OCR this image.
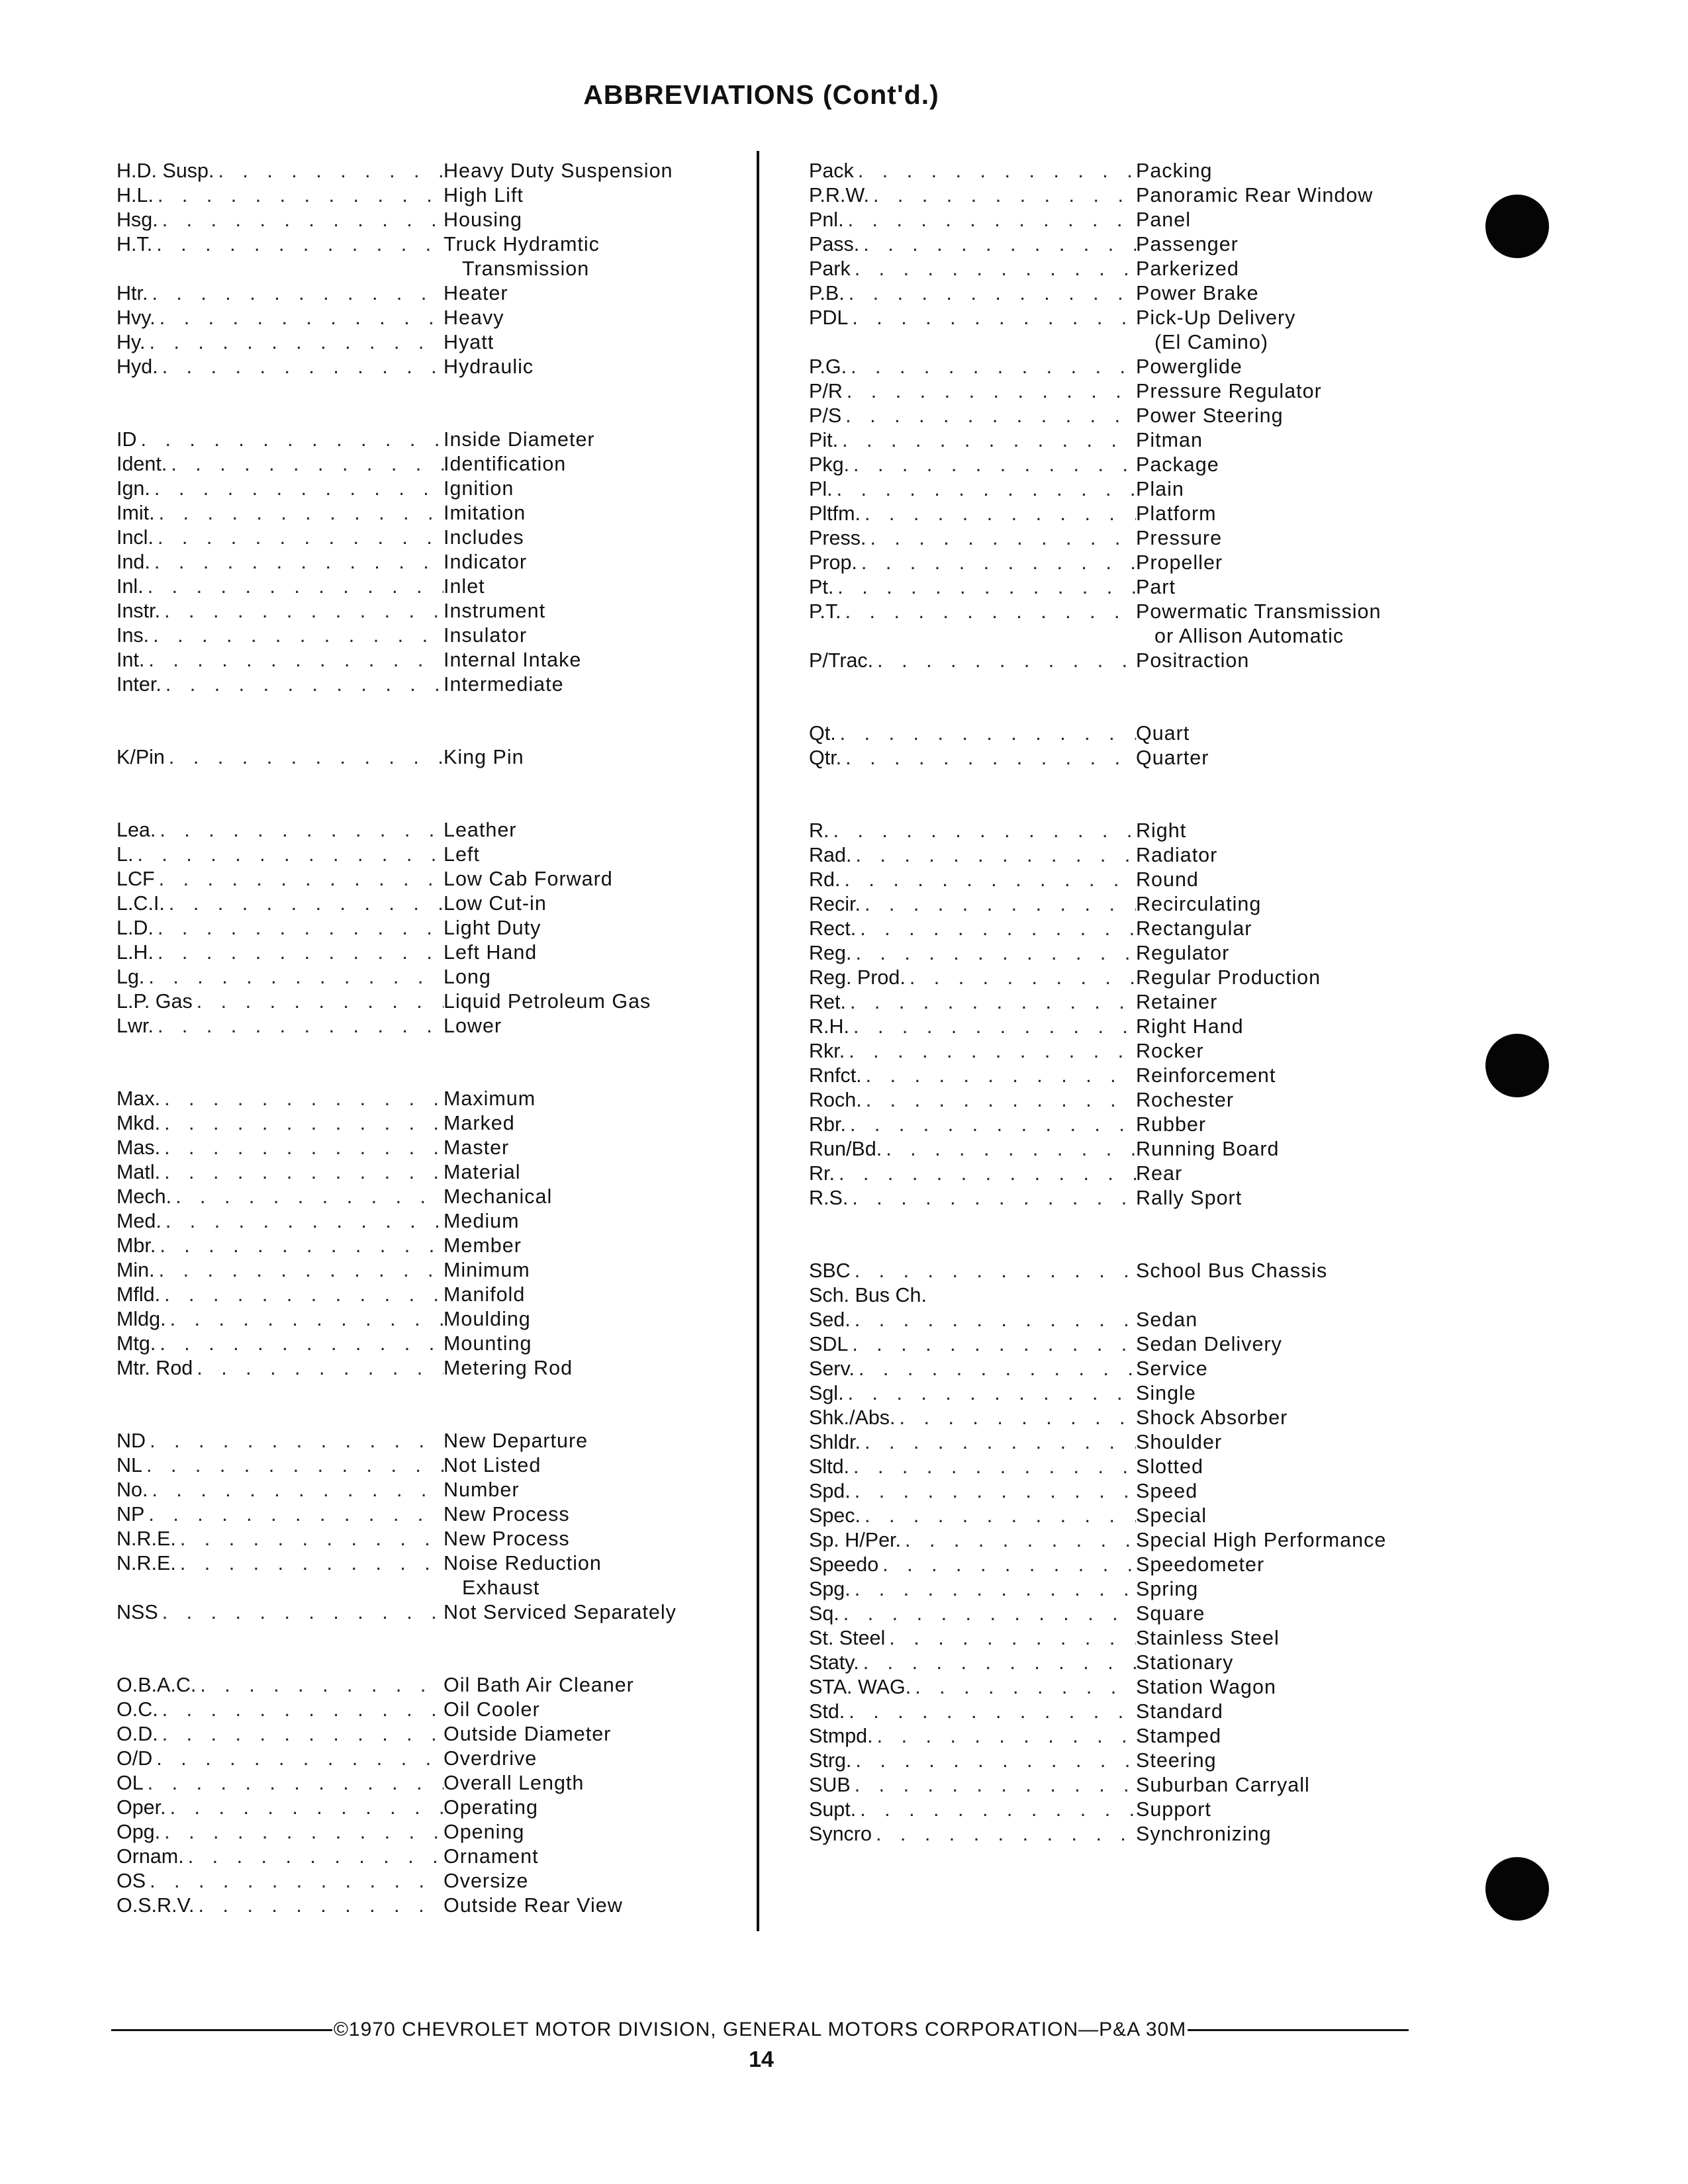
ABBREVIATIONS (Cont'd.)
H.D. Susp. . . .	Heavy Duty Suspension
H.L. . . .	High Lift
Hsg. . . .	Housing
H.T. . . .	Truck Hydramtic
Transmission
Htr. . . .	Heater
Hvy. . . .	Heavy
Hy. . . .	Hyatt
Hyd. . . .	Hydraulic
ID . . .	Inside Diameter
Ident. . . .	Identification
Ign. . . .	Ignition
Imit. . . .	Imitation
Incl. . . .	Includes
Ind. . . .	Indicator
Inl. . . .	Inlet
Instr. . . .	Instrument
Ins. . . .	Insulator
Int. . . .	Internal Intake
Inter. . . .	Intermediate
K/Pin . . .	King Pin
Lea. . . .	Leather
L. . . .	Left
LCF . . .	Low Cab Forward
L.C.I. . . .	Low Cut-in
L.D. . . .	Light Duty
L.H. . . .	Left Hand
Lg. . . .	Long
L.P. Gas . . .	Liquid Petroleum Gas
Lwr. . . .	Lower
Max. . . .	Maximum
Mkd. . . .	Marked
Mas. . . .	Master
Matl. . . .	Material
Mech. . . .	Mechanical
Med. . . .	Medium
Mbr. . . .	Member
Min. . . .	Minimum
Mfld. . . .	Manifold
Mldg. . . .	Moulding
Mtg. . . .	Mounting
Mtr. Rod . . .	Metering Rod
ND . . .	New Departure
NL . . .	Not Listed
No. . . .	Number
NP . . .	New Process
N.R.E. . . .	New Process
N.R.E. . . .	Noise Reduction
Exhaust
NSS . . .	Not Serviced Separately
O.B.A.C. . . .	Oil Bath Air Cleaner
O.C. . . .	Oil Cooler
O.D. . . .	Outside Diameter
O/D . . .	Overdrive
OL . . .	Overall Length
Oper. . . .	Operating
Opg. . . .	Opening
Ornam. . . .	Ornament
OS . . .	Oversize
O.S.R.V. . . .	Outside Rear View
Pack . . .	Packing
P.R.W. . . .	Panoramic Rear Window
Pnl. . . .	Panel
Pass. . . .	Passenger
Park . . .	Parkerized
P.B. . . .	Power Brake
PDL . . .	Pick-Up Delivery
(El Camino)
P.G. . . .	Powerglide
P/R . . .	Pressure Regulator
P/S . . .	Power Steering
Pit. . . .	Pitman
Pkg. . . .	Package
Pl. . . .	Plain
Pltfm. . . .	Platform
Press. . . .	Pressure
Prop. . . .	Propeller
Pt. . . .	Part
P.T. . . .	Powermatic Transmission
or Allison Automatic
P/Trac. . . .	Positraction
Qt. . . .	Quart
Qtr. . . .	Quarter
R. . . .	Right
Rad. . . .	Radiator
Rd. . . .	Round
Recir. . . .	Recirculating
Rect. . . .	Rectangular
Reg. . . .	Regulator
Reg. Prod. . . .	Regular Production
Ret. . . .	Retainer
R.H. . . .	Right Hand
Rkr. . . .	Rocker
Rnfct. . . .	Reinforcement
Roch. . . .	Rochester
Rbr. . . .	Rubber
Run/Bd. . . .	Running Board
Rr. . . .	Rear
R.S. . . .	Rally Sport
SBC . . .	School Bus Chassis
Sch. Bus Ch.
Sed. . . .	Sedan
SDL . . .	Sedan Delivery
Serv. . . .	Service
Sgl. . . .	Single
Shk./Abs. . . .	Shock Absorber
Shldr. . . .	Shoulder
Sltd. . . .	Slotted
Spd. . . .	Speed
Spec. . . .	Special
Sp. H/Per. . . .	Special High Performance
Speedo . . .	Speedometer
Spg. . . .	Spring
Sq. . . .	Square
St. Steel . . .	Stainless Steel
Staty. . . .	Stationary
STA. WAG. . . .	Station Wagon
Std. . . .	Standard
Stmpd. . . .	Stamped
Strg. . . .	Steering
SUB . . .	Suburban Carryall
Supt. . . .	Support
Syncro . . .	Synchronizing
©1970 CHEVROLET MOTOR DIVISION, GENERAL MOTORS CORPORATION—P&A 30M
14
